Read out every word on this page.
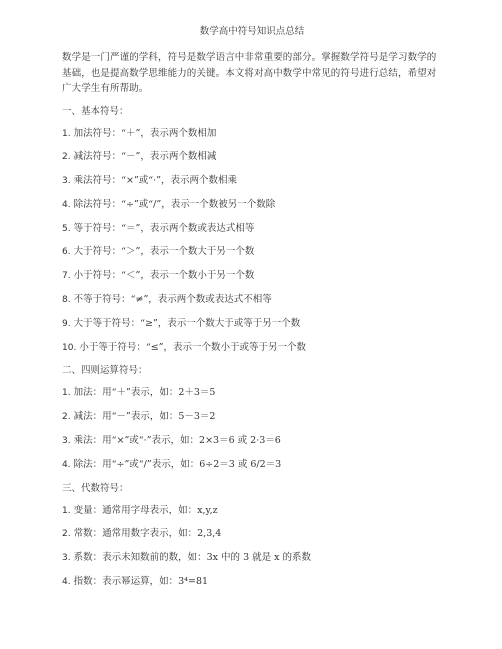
数学高中符号知识点总结
数学是一门严谨的学科，符号是数学语言中非常重要的部分。掌握数学符号是学习数学的基础，也是提高数学思维能力的关键。本文将对高中数学中常见的符号进行总结，希望对广大学生有所帮助。
一、基本符号：
1. 加法符号：“＋”，表示两个数相加
2. 减法符号：“－”，表示两个数相减
3. 乘法符号：“×”或“·”，表示两个数相乘
4. 除法符号：“÷”或“/”，表示一个数被另一个数除
5. 等于符号：“＝”，表示两个数或表达式相等
6. 大于符号：“＞”，表示一个数大于另一个数
7. 小于符号：“＜”，表示一个数小于另一个数
8. 不等于符号：“≠”，表示两个数或表达式不相等
9. 大于等于符号：“≥”，表示一个数大于或等于另一个数
10. 小于等于符号：“≤”，表示一个数小于或等于另一个数
二、四则运算符号：
1. 加法：用“＋”表示，如：2＋3＝5
2. 减法：用“－”表示，如：5－3＝2
3. 乘法：用“×”或“·”表示，如：2×3＝6 或 2·3＝6
4. 除法：用“÷”或“/”表示，如：6÷2＝3 或 6/2＝3
三、代数符号：
1. 变量：通常用字母表示，如：x,y,z
2. 常数：通常用数字表示，如：2,3,4
3. 系数：表示未知数前的数，如：3x 中的 3 就是 x 的系数
4. 指数：表示幂运算，如：3⁴=81
